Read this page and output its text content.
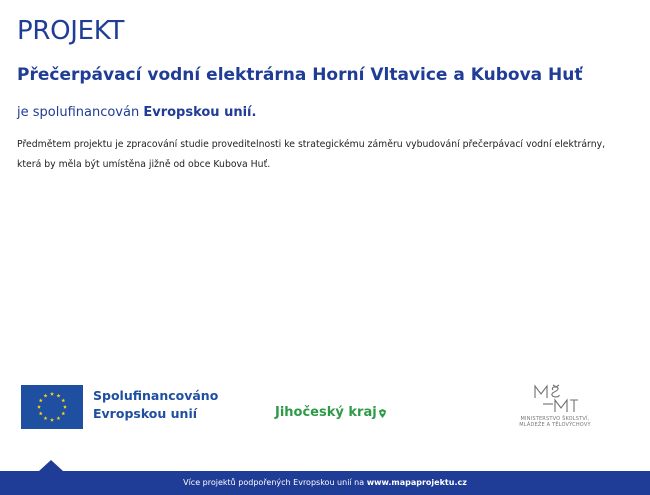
PROJEKT
Přečerpávací vodní elektrárna Horní Vltavice a Kubova Huť

je spolufinancován Evropskou unií.

Předmětem projektu je zpracování studie proveditelnosti ke strategickému záměru vybudování přečerpávací vodní elektrárny,
která by měla být umístěna jižně od obce Kubova Huť.

Spolufinancováno
Evropskou unií	Jihočeský kraj	MINISTERSTVO ŠKOLSTVÍ,
MLÁDEŽE A TĚLOVÝCHOVY
Více projektů podpořených Evropskou unií na www.mapaprojektu.cz
